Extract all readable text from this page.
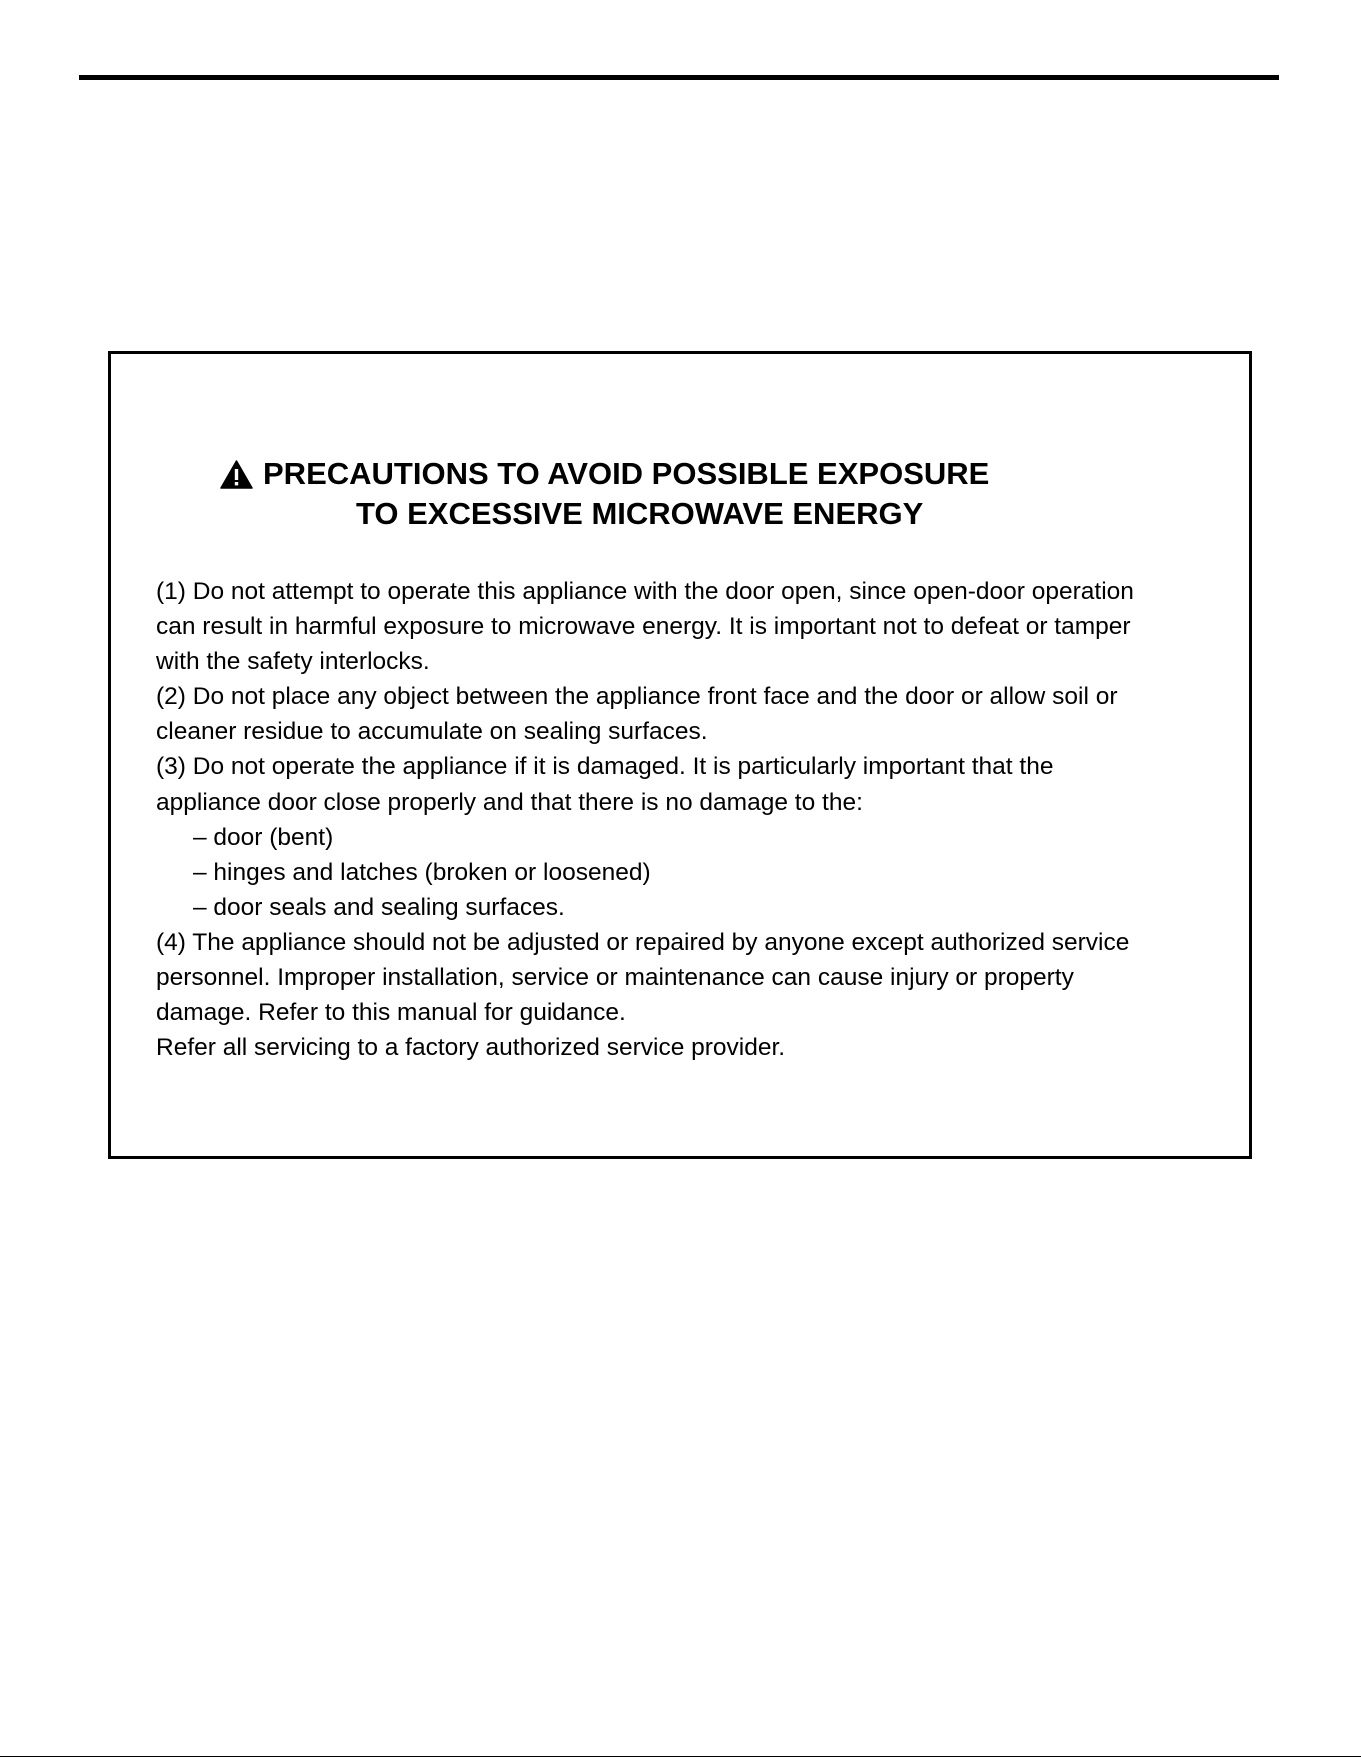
PRECAUTIONS TO AVOID POSSIBLE EXPOSURE
TO EXCESSIVE MICROWAVE ENERGY

(1) Do not attempt to operate this appliance with the door open, since open-door operation

can result in harmful exposure to microwave energy. It is important not to defeat or tamper

with the safety interlocks.

(2) Do not place any object between the appliance front face and the door or allow soil or

cleaner residue to accumulate on sealing surfaces.

(3) Do not operate the appliance if it is damaged. It is particularly important that the

appliance door close properly and that there is no damage to the:

– door (bent)

– hinges and latches (broken or loosened)

– door seals and sealing surfaces.

(4) The appliance should not be adjusted or repaired by anyone except authorized service

personnel. Improper installation, service or maintenance can cause injury or property

damage. Refer to this manual for guidance.

Refer all servicing to a factory authorized service provider.
